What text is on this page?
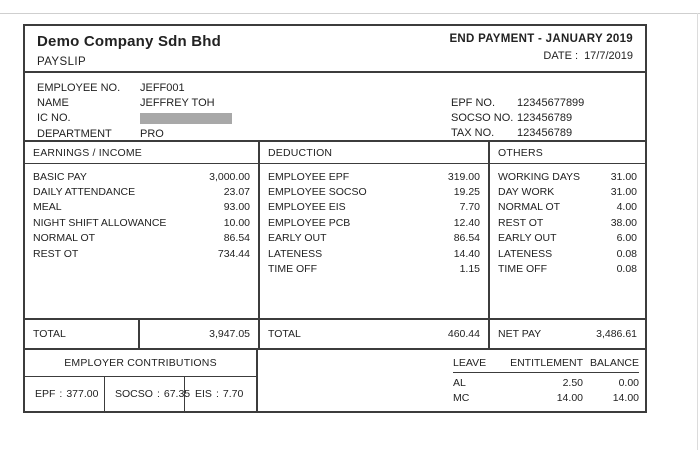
Demo Company Sdn Bhd
PAYSLIP
END PAYMENT - JANUARY 2019
DATE : 17/7/2019
EMPLOYEE NO.	JEFF001
NAME	JEFFREY TOH
IC NO.
DEPARTMENT	PRO
EPF NO.	12345677899
SOCSO NO. 123456789
TAX NO.	123456789
EARNINGS / INCOME
BASIC PAY	3,000.00
DAILY ATTENDANCE	23.07
MEAL	93.00
NIGHT SHIFT ALLOWANCE	10.00
NORMAL OT	86.54
REST OT	734.44
TOTAL	3,947.05
DEDUCTION
EMPLOYEE EPF	319.00
EMPLOYEE SOCSO	19.25
EMPLOYEE EIS	7.70
EMPLOYEE PCB	12.40
EARLY OUT	86.54
LATENESS	14.40
TIME OFF	1.15
TOTAL	460.44
OTHERS
WORKING DAYS	31.00
DAY WORK	31.00
NORMAL OT	4.00
REST OT	38.00
EARLY OUT	6.00
LATENESS	0.08
TIME OFF	0.08
NET PAY	3,486.61
EMPLOYER CONTRIBUTIONS
EPF : 377.00 SOCSO : 67.35 EIS : 7.70
LEAVE	ENTITLEMENT BALANCE
AL	2.50	0.00
MC	14.00	14.00
